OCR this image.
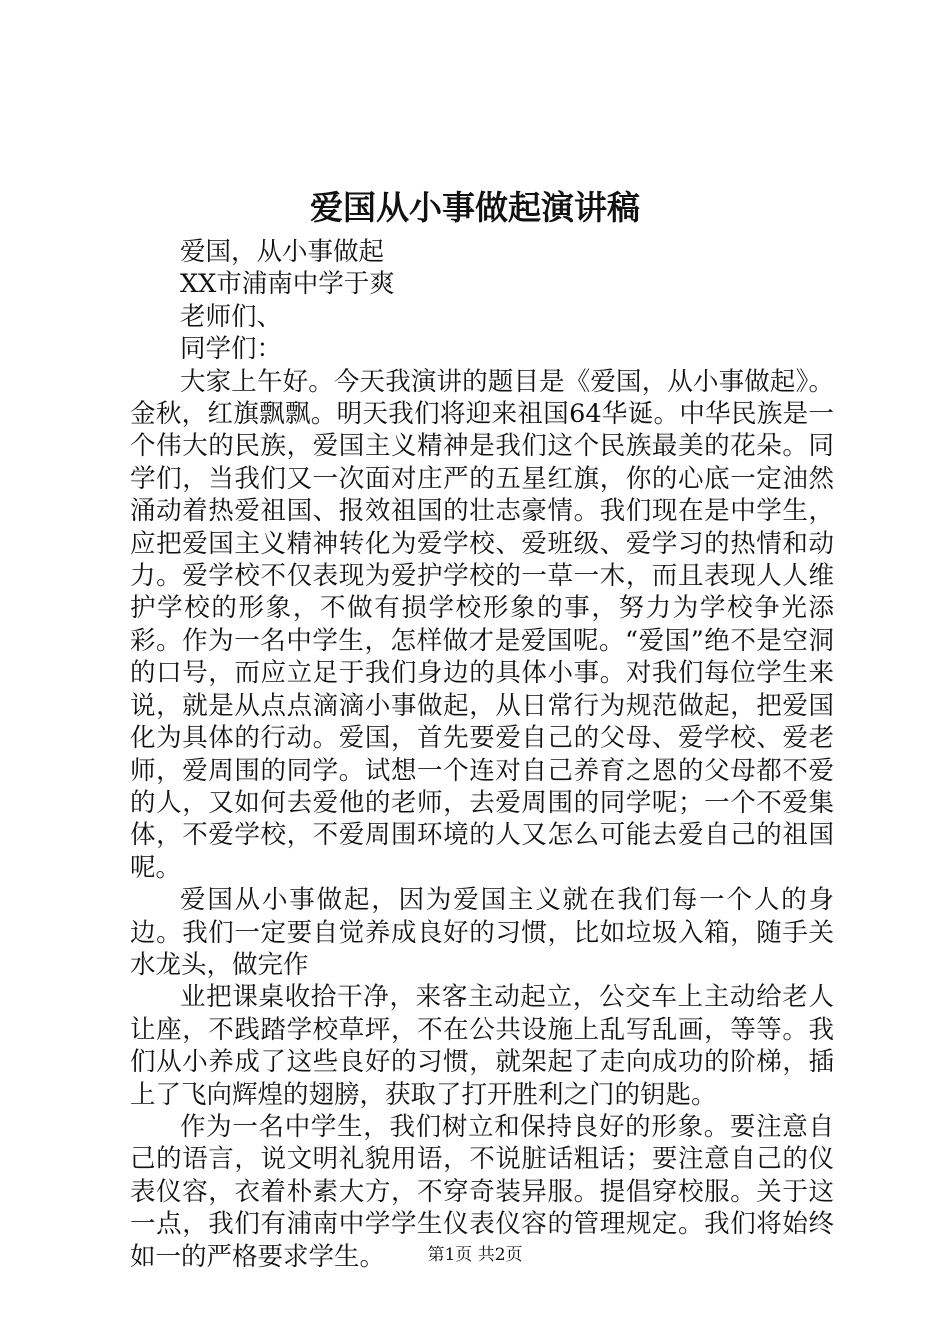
爱国从小事做起演讲稿

爱国，从小事做起

XX市浦南中学于爽

老师们、

同学们：

大家上午好。今天我演讲的题目是《爱国，从小事做起》。金秋，红旗飘飘。明天我们将迎来祖国64华诞。中华民族是一个伟大的民族，爱国主义精神是我们这个民族最美的花朵。同学们，当我们又一次面对庄严的五星红旗，你的心底一定油然涌动着热爱祖国、报效祖国的壮志豪情。我们现在是中学生，应把爱国主义精神转化为爱学校、爱班级、爱学习的热情和动力。爱学校不仅表现为爱护学校的一草一木，而且表现人人维护学校的形象，不做有损学校形象的事，努力为学校争光添彩。作为一名中学生，怎样做才是爱国呢。“爱国”绝不是空洞的口号，而应立足于我们身边的具体小事。对我们每位学生来说，就是从点点滴滴小事做起，从日常行为规范做起，把爱国化为具体的行动。爱国，首先要爱自己的父母、爱学校、爱老师，爱周围的同学。试想一个连对自己养育之恩的父母都不爱的人，又如何去爱他的老师，去爱周围的同学呢；一个不爱集体，不爱学校，不爱周围环境的人又怎么可能去爱自己的祖国呢。

爱国从小事做起，因为爱国主义就在我们每一个人的身边。我们一定要自觉养成良好的习惯，比如垃圾入箱，随手关水龙头，做完作

业把课桌收拾干净，来客主动起立，公交车上主动给老人让座，不践踏学校草坪，不在公共设施上乱写乱画，等等。我们从小养成了这些良好的习惯，就架起了走向成功的阶梯，插上了飞向辉煌的翅膀，获取了打开胜利之门的钥匙。

作为一名中学生，我们树立和保持良好的形象。要注意自己的语言，说文明礼貌用语，不说脏话粗话；要注意自己的仪表仪容，衣着朴素大方，不穿奇装异服。提倡穿校服。关于这一点，我们有浦南中学学生仪表仪容的管理规定。我们将始终如一的严格要求学生。	第1页 共2页
